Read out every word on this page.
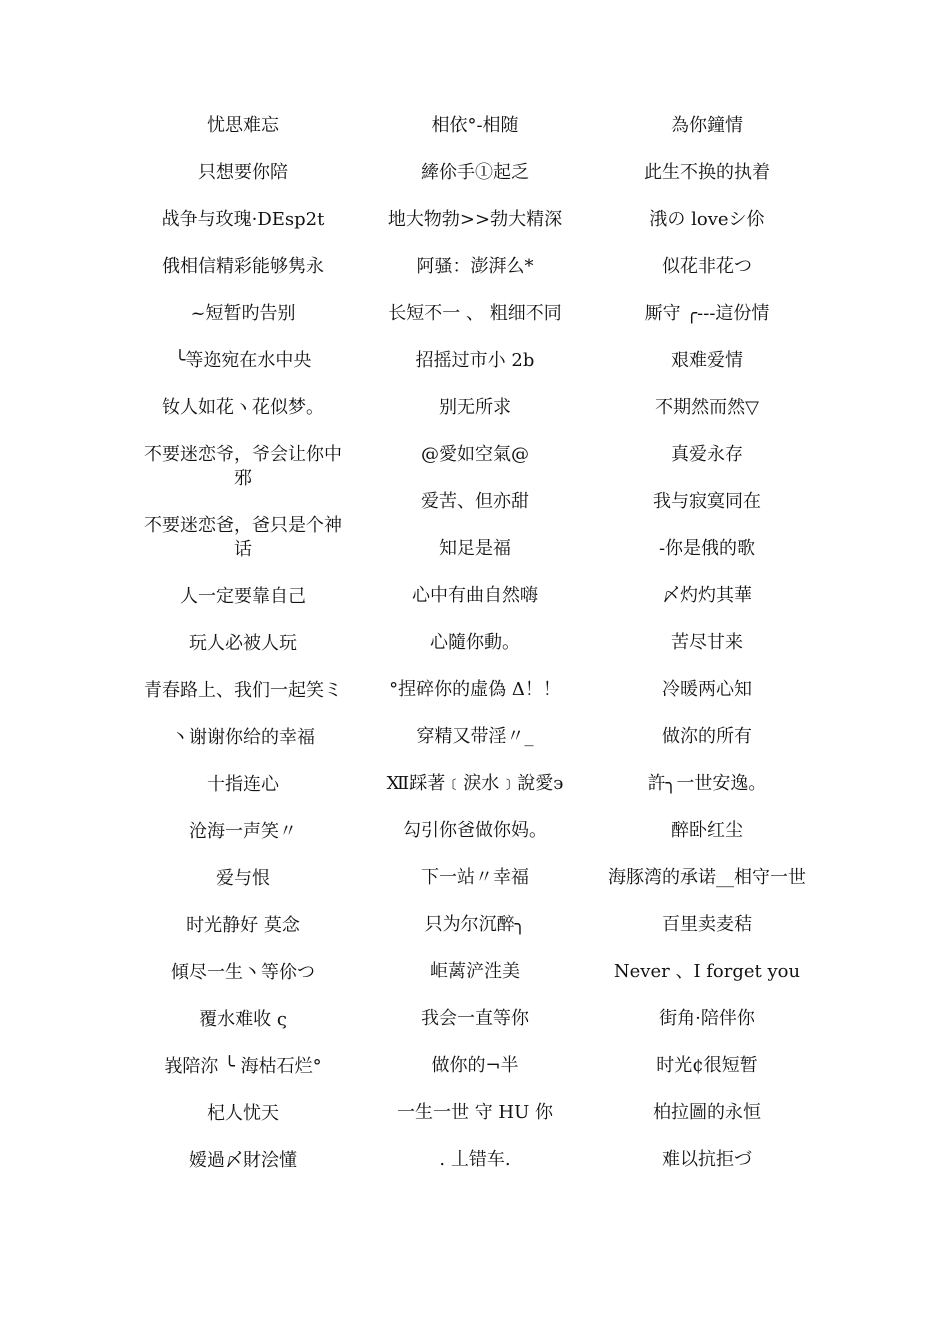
忧思难忘
只想要你陪
战争与玫瑰·DEsp2t
俄相信精彩能够隽永
~短暂旳告别
╰等迩宛在水中央
钕人如花ヽ花似梦。
不要迷恋爷，爷会让你中邪
不要迷恋爸，爸只是个神话
人一定要靠自己
玩人必被人玩
青春路上、我们一起笑ミ
丶谢谢你给的幸福
十指连心
沧海一声笑〃
爱与恨
时光静好 莫念
傾尽一生丶等伱つ
覆水难收 ς
峩陪沵 ╰ 海枯石烂°
杞人忧天
嫒過〆財浍懂
相依°-相随
縴伱手①起乏
地大物勃>>勃大精深
阿骚：澎湃么*
长短不一 、 粗细不同
招摇过市小 2b
别无所求
@愛如空氣@
爱苦、但亦甜
知足是福
心中有曲自然嗨
心隨你動。
°捏碎你的虛偽 Δ！！
穿精又带淫〃_
Ⅻ踩著﹝淚水﹞說愛϶
勾引你爸做你妈。
下一站〃幸福
只为尔沉醉╮
岠蓠浐泩美
我会一直等你
做你的¬半
一生一世 守 HU 你
. 丄错车.
為你鐘情
此生不换的执着
涐の loveシ伱
似花非花つ
厮守 ╭---這份情
艰难爱情
不期然而然▽
真爱永存
我与寂寞同在
-你是俄的歌
〆灼灼其華
苦尽甘来
冷暖两心知
做沵的所有
許╮一世安逸。
醉卧红尘
海豚湾的承诺__相守一世
百里卖麦秸
Never 、I forget you
街角·陪伴你
时光¢很短暂
柏拉圖的永恒
难以抗拒づ
